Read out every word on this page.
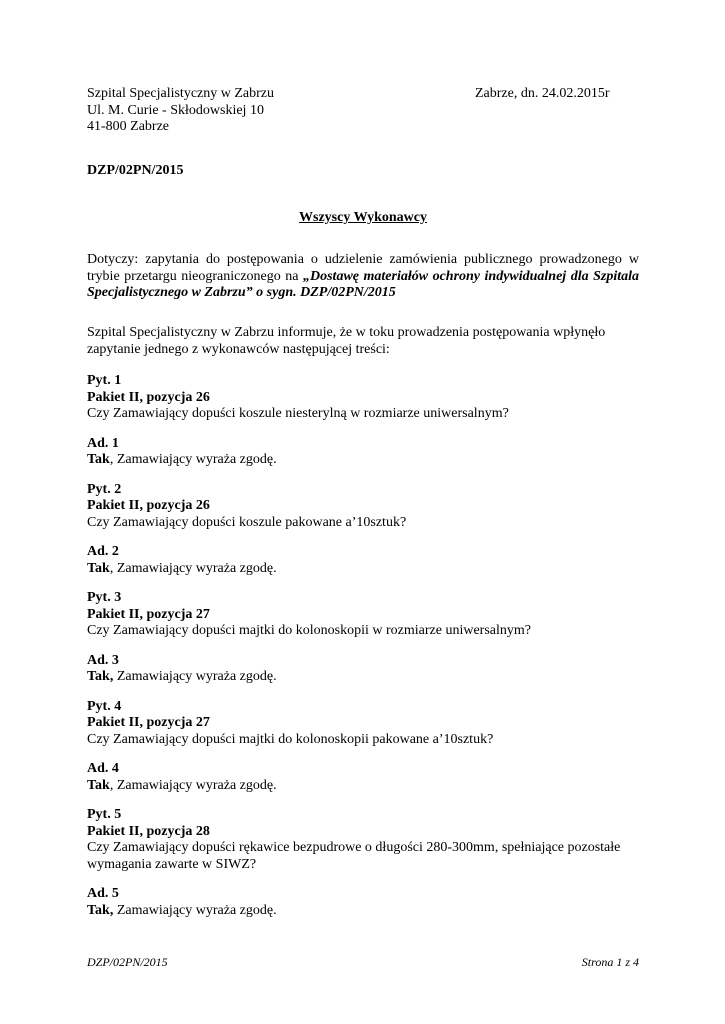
Szpital Specjalistyczny w Zabrzu

Ul. M. Curie - Skłodowskiej 10

41-800 Zabrze

Zabrze, dn. 24.02.2015r
DZP/02PN/2015
Wszyscy Wykonawcy
Dotyczy: zapytania do postępowania o udzielenie zamówienia publicznego prowadzonego w trybie przetargu nieograniczonego na „Dostawę materiałów ochrony indywidualnej dla Szpitala Specjalistycznego w Zabrzu” o sygn. DZP/02PN/2015
Szpital Specjalistyczny w Zabrzu informuje, że w toku prowadzenia postępowania wpłynęło zapytanie jednego z wykonawców następującej treści:

Pyt. 1

Pakiet II, pozycja 26

Czy Zamawiający dopuści koszule niesterylną w rozmiarze uniwersalnym?

Ad. 1

Tak, Zamawiający wyraża zgodę.

Pyt. 2

Pakiet II, pozycja 26

Czy Zamawiający dopuści koszule pakowane a’10sztuk?

Ad. 2

Tak, Zamawiający wyraża zgodę.

Pyt. 3

Pakiet II, pozycja 27

Czy Zamawiający dopuści majtki do kolonoskopii w rozmiarze uniwersalnym?

Ad. 3

Tak, Zamawiający wyraża zgodę.

Pyt. 4

Pakiet II, pozycja 27

Czy Zamawiający dopuści majtki do kolonoskopii pakowane a’10sztuk?

Ad. 4

Tak, Zamawiający wyraża zgodę.

Pyt. 5

Pakiet II, pozycja 28

Czy Zamawiający dopuści rękawice bezpudrowe o długości 280-300mm, spełniające pozostałe wymagania zawarte w SIWZ?

Ad. 5

Tak, Zamawiający wyraża zgodę.

DZP/02PN/2015	Strona 1 z 4
